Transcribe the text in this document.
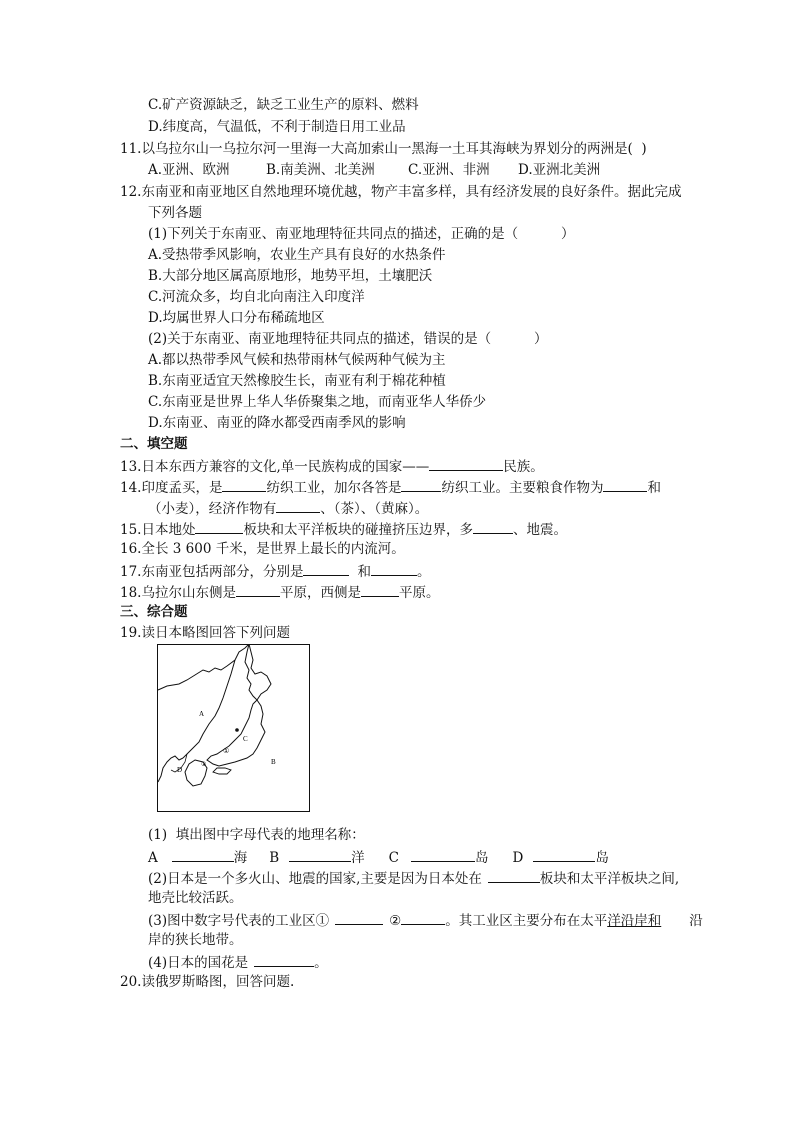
C.矿产资源缺乏，缺乏工业生产的原料、燃料
D.纬度高，气温低，不利于制造日用工业品
11.以乌拉尔山一乌拉尔河一里海一大高加索山一黑海一土耳其海峡为界划分的两洲是(  )
A.亚洲、欧洲	B.南美洲、北美洲 C.亚洲、非洲 D.亚洲北美洲
12.东南亚和南亚地区自然地理环境优越，物产丰富多样，具有经济发展的良好条件。据此完成
下列各题
(1)下列关于东南亚、南亚地理特征共同点的描述，正确的是（          ）
A.受热带季风影响，农业生产具有良好的水热条件
B.大部分地区属高原地形，地势平坦，土壤肥沃
C.河流众多，均自北向南注入印度洋
D.均属世界人口分布稀疏地区
(2)关于东南亚、南亚地理特征共同点的描述，错误的是（          ）
A.都以热带季风气候和热带雨林气候两种气候为主
B.东南亚适宜天然橡胶生长，南亚有利于棉花种植
C.东南亚是世界上华人华侨聚集之地，而南亚华人华侨少
D.东南亚、南亚的降水都受西南季风的影响
二、填空题
13.日本东西方兼容的文化,单一民族构成的国家——	民族。
14.印度孟买，是	纺织工业，加尔各答是	纺织工业。主要粮食作物为	和
（小麦），经济作物有	、（茶）、（黄麻）。
15.日本地处	板块和太平洋板块的碰撞挤压边界，多	、地震。
16.全长 3 600 千米，是世界上最长的内流河。
17.东南亚包括两部分，分别是	和	。
18.乌拉尔山东侧是	平原，西侧是	平原。
三、综合题
19.读日本略图回答下列问题
A
B
C
D
①
②
(1)  填出图中字母代表的地理名称：
A	海 B	洋 C	岛 D	岛
(2)日本是一个多火山、地震的国家,主要是因为日本处在	板块和太平洋板块之间,
地壳比较活跃。
(3)图中数字号代表的工业区①	②	。其工业区主要分布在太平洋沿岸和 沿
岸的狭长地带。
(4)日本的国花是	。
20.读俄罗斯略图，回答问题.
